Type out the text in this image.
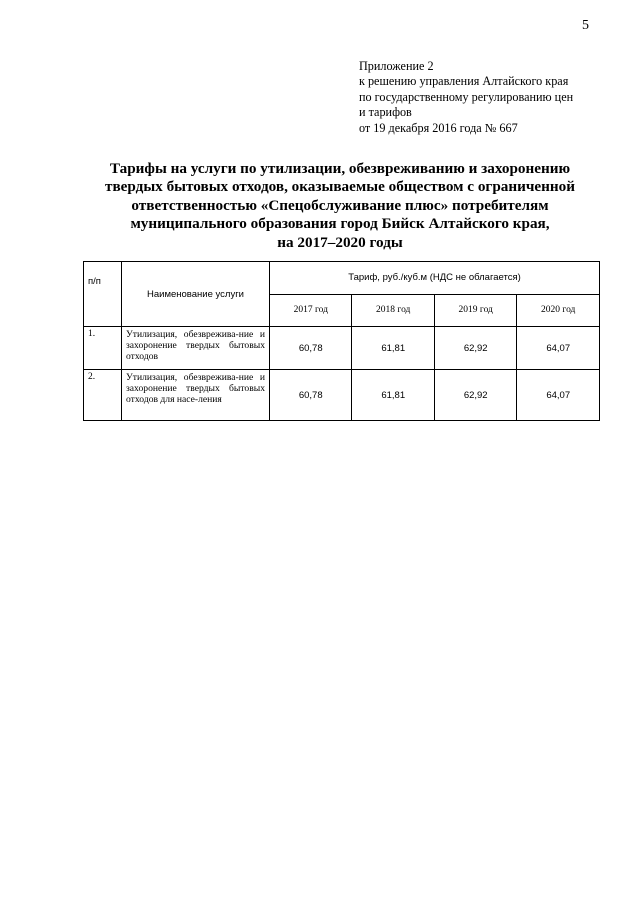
5
Приложение 2
к решению управления Алтайского края
по государственному регулированию цен
и тарифов
от 19 декабря 2016 года № 667
Тарифы на услуги по утилизации, обезвреживанию и захоронению
твердых бытовых отходов, оказываемые обществом с ограниченной
ответственностью «Спецобслуживание плюс» потребителям
муниципального образования город Бийск Алтайского края,
на 2017–2020 годы
п/п	Наименование услуги	Тариф, руб./куб.м (НДС не облагается)			
		2017 год	2018 год	2019 год	2020 год
1.	Утилизация, обезврежива-ние и захоронение твердых бытовых отходов	60,78	61,81	62,92	64,07
2.	Утилизация, обезврежива-ние и захоронение твердых бытовых отходов для насе-ления	60,78	61,81	62,92	64,07
